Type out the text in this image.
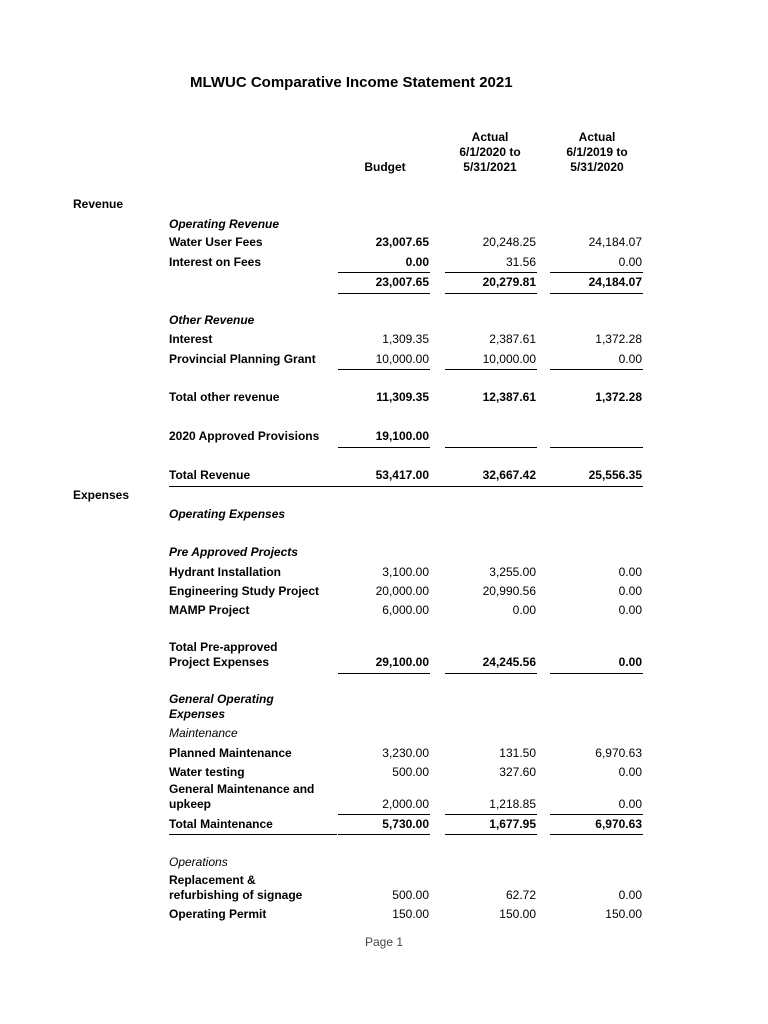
MLWUC Comparative Income Statement 2021
Budget
Actual
6/1/2020 to
5/31/2021
Actual
6/1/2019 to
5/31/2020
Revenue
Operating Revenue
Water User Fees	23,007.65	20,248.25	24,184.07
Interest on Fees	0.00	31.56	0.00
23,007.65	20,279.81	24,184.07
Other Revenue
Interest	1,309.35	2,387.61	1,372.28
Provincial Planning Grant	10,000.00	10,000.00	0.00
Total other revenue	11,309.35	12,387.61	1,372.28
2020 Approved Provisions	19,100.00
Total Revenue	53,417.00	32,667.42	25,556.35
Expenses
Operating Expenses
Pre Approved Projects
Hydrant Installation	3,100.00	3,255.00	0.00
Engineering Study Project	20,000.00	20,990.56	0.00
MAMP Project	6,000.00	0.00	0.00
Total Pre-approved
Project Expenses	29,100.00	24,245.56	0.00
General Operating
Expenses
Maintenance
Planned Maintenance	3,230.00	131.50	6,970.63
Water testing	500.00	327.60	0.00
General Maintenance and
upkeep	2,000.00	1,218.85	0.00
Total Maintenance	5,730.00	1,677.95	6,970.63
Operations
Replacement &
refurbishing of signage	500.00	62.72	0.00
Operating Permit	150.00	150.00	150.00
Page 1
